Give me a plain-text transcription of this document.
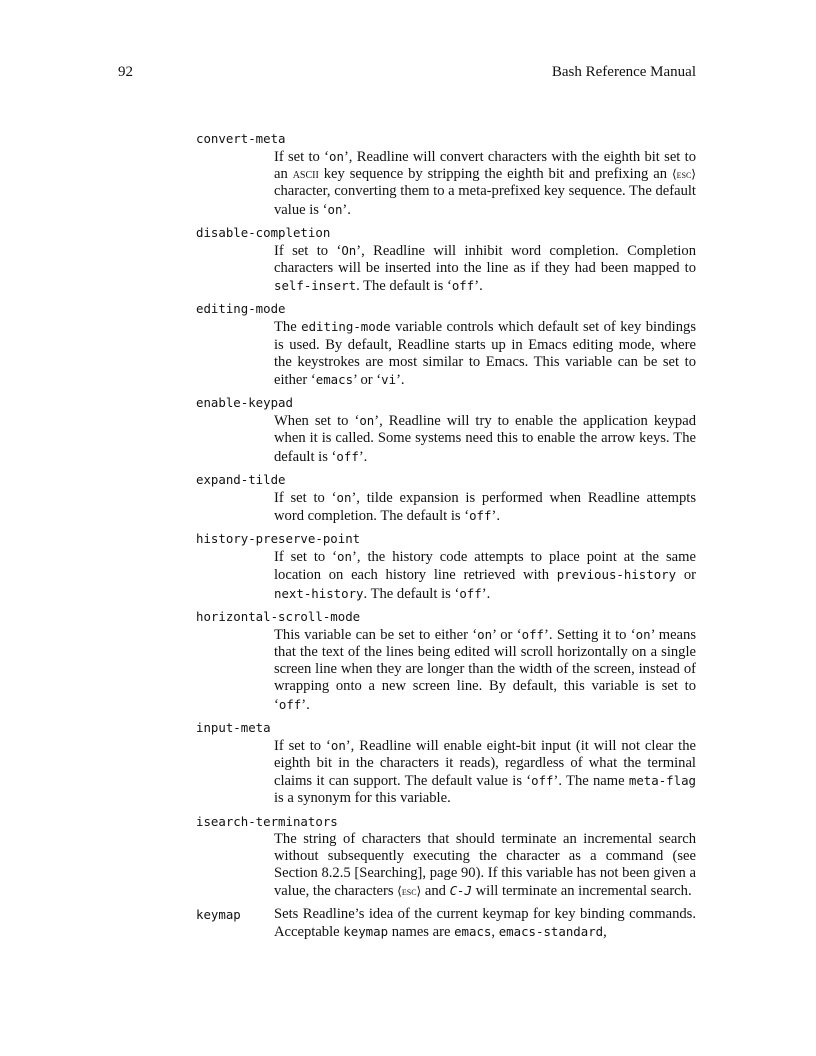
92	Bash Reference Manual
convert-meta
If set to ‘on’, Readline will convert characters with the eighth bit set to an ascii key sequence by stripping the eighth bit and prefixing an ⟨ esc ⟩ character, converting them to a meta-prefixed key sequence. The default value is ‘on’.
disable-completion
If set to ‘On’, Readline will inhibit word completion. Completion characters will be inserted into the line as if they had been mapped to self-insert. The default is ‘off’.
editing-mode
The editing-mode variable controls which default set of key bindings is used. By default, Readline starts up in Emacs editing mode, where the keystrokes are most similar to Emacs. This variable can be set to either ‘emacs’ or ‘vi’.
enable-keypad
When set to ‘on’, Readline will try to enable the application keypad when it is called. Some systems need this to enable the arrow keys. The default is ‘off’.
expand-tilde
If set to ‘on’, tilde expansion is performed when Readline attempts word completion. The default is ‘off’.
history-preserve-point
If set to ‘on’, the history code attempts to place point at the same location on each history line retrieved with previous-history or next-history. The default is ‘off’.
horizontal-scroll-mode
This variable can be set to either ‘on’ or ‘off’. Setting it to ‘on’ means that the text of the lines being edited will scroll horizontally on a single screen line when they are longer than the width of the screen, instead of wrapping onto a new screen line. By default, this variable is set to ‘off’.
input-meta
If set to ‘on’, Readline will enable eight-bit input (it will not clear the eighth bit in the characters it reads), regardless of what the terminal claims it can support. The default value is ‘off’. The name meta-flag is a synonym for this variable.
isearch-terminators
The string of characters that should terminate an incremental search without subsequently executing the character as a command (see Section 8.2.5 [Searching], page 90). If this variable has not been given a value, the characters ⟨ esc ⟩ and C-J will terminate an incremental search.
keymap	Sets Readline’s idea of the current keymap for key binding commands. Acceptable keymap names are emacs, emacs-standard,
